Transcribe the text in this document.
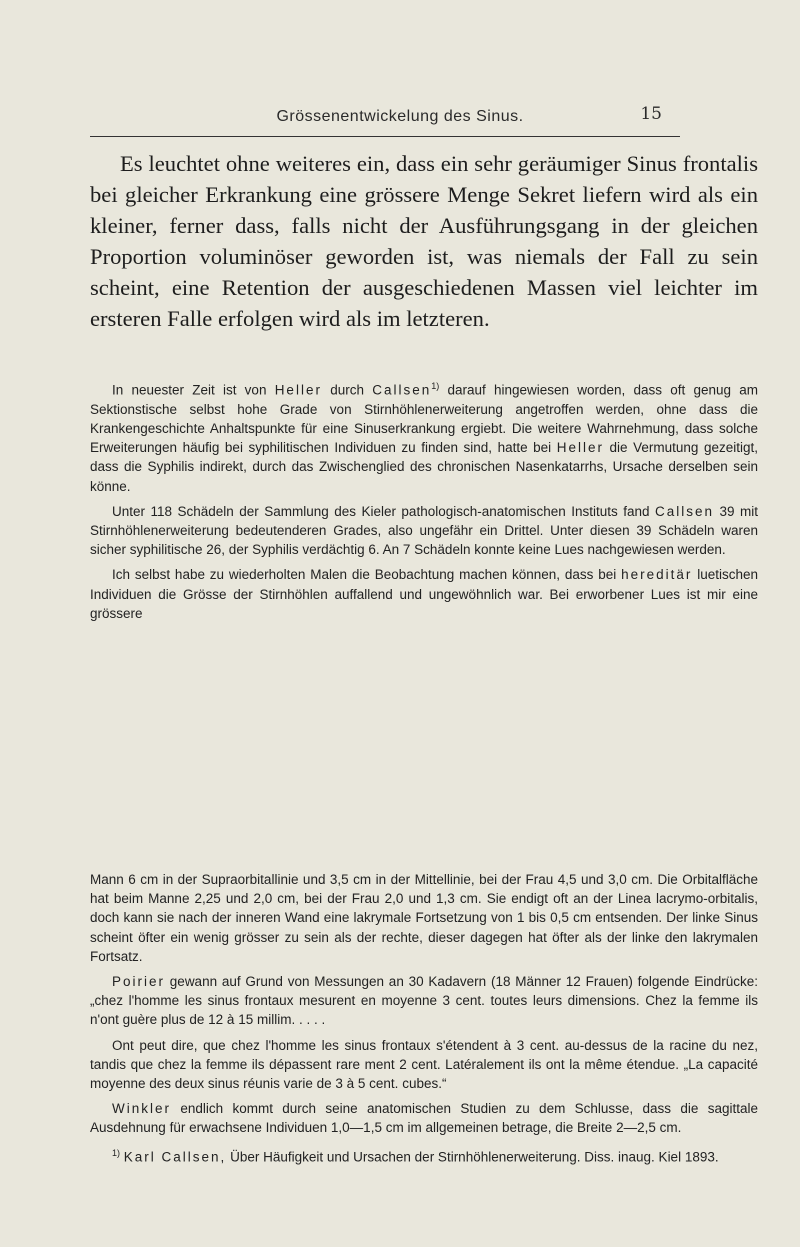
Grössenentwickelung des Sinus.	15

Es leuchtet ohne weiteres ein, dass ein sehr geräumiger Sinus frontalis bei gleicher Erkrankung eine grössere Menge Sekret liefern wird als ein kleiner, ferner dass, falls nicht der Ausführungsgang in der gleichen Proportion voluminöser geworden ist, was niemals der Fall zu sein scheint, eine Retention der ausgeschiedenen Massen viel leichter im ersteren Falle erfolgen wird als im letzteren.

In neuester Zeit ist von Heller durch Callsen$^{1)}$ darauf hingewiesen worden, dass oft genug am Sektionstische selbst hohe Grade von Stirnhöhlenerweiterung angetroffen werden, ohne dass die Krankengeschichte Anhaltspunkte für eine Sinuserkrankung ergiebt. Die weitere Wahrnehmung, dass solche Erweiterungen häufig bei syphilitischen Individuen zu finden sind, hatte bei Heller die Vermutung gezeitigt, dass die Syphilis indirekt, durch das Zwischenglied des chronischen Nasenkatarrhs, Ursache derselben sein könne.

Unter 118 Schädeln der Sammlung des Kieler pathologisch-anatomischen Instituts fand Callsen 39 mit Stirnhöhlenerweiterung bedeutenderen Grades, also ungefähr ein Drittel. Unter diesen 39 Schädeln waren sicher syphilitische 26, der Syphilis verdächtig 6. An 7 Schädeln konnte keine Lues nachgewiesen werden.

Ich selbst habe zu wiederholten Malen die Beobachtung machen können, dass bei hereditär luetischen Individuen die Grösse der Stirnhöhlen auffallend und ungewöhnlich war. Bei erworbener Lues ist mir eine grössere

Mann 6 cm in der Supraorbitallinie und 3,5 cm in der Mittellinie, bei der Frau 4,5 und 3,0 cm. Die Orbitalfläche hat beim Manne 2,25 und 2,0 cm, bei der Frau 2,0 und 1,3 cm. Sie endigt oft an der Linea lacrymo-orbitalis, doch kann sie nach der inneren Wand eine lakrymale Fortsetzung von 1 bis 0,5 cm entsenden. Der linke Sinus scheint öfter ein wenig grösser zu sein als der rechte, dieser dagegen hat öfter als der linke den lakrymalen Fortsatz.

Poirier gewann auf Grund von Messungen an 30 Kadavern (18 Männer 12 Frauen) folgende Eindrücke: „chez l'homme les sinus frontaux mesurent en moyenne 3 cent. toutes leurs dimensions. Chez la femme ils n'ont guère plus de 12 à 15 millim. . . . .

Ont peut dire, que chez l'homme les sinus frontaux s'étendent à 3 cent. au-dessus de la racine du nez, tandis que chez la femme ils dépassent rare ment 2 cent. Latéralement ils ont la même étendue. „La capacité moyenne des deux sinus réunis varie de 3 à 5 cent. cubes.“

Winkler endlich kommt durch seine anatomischen Studien zu dem Schlusse, dass die sagittale Ausdehnung für erwachsene Individuen 1,0—1,5 cm im allgemeinen betrage, die Breite 2—2,5 cm.

$^{1)}$ Karl Callsen, Über Häufigkeit und Ursachen der Stirnhöhlenerweiterung. Diss. inaug. Kiel 1893.
